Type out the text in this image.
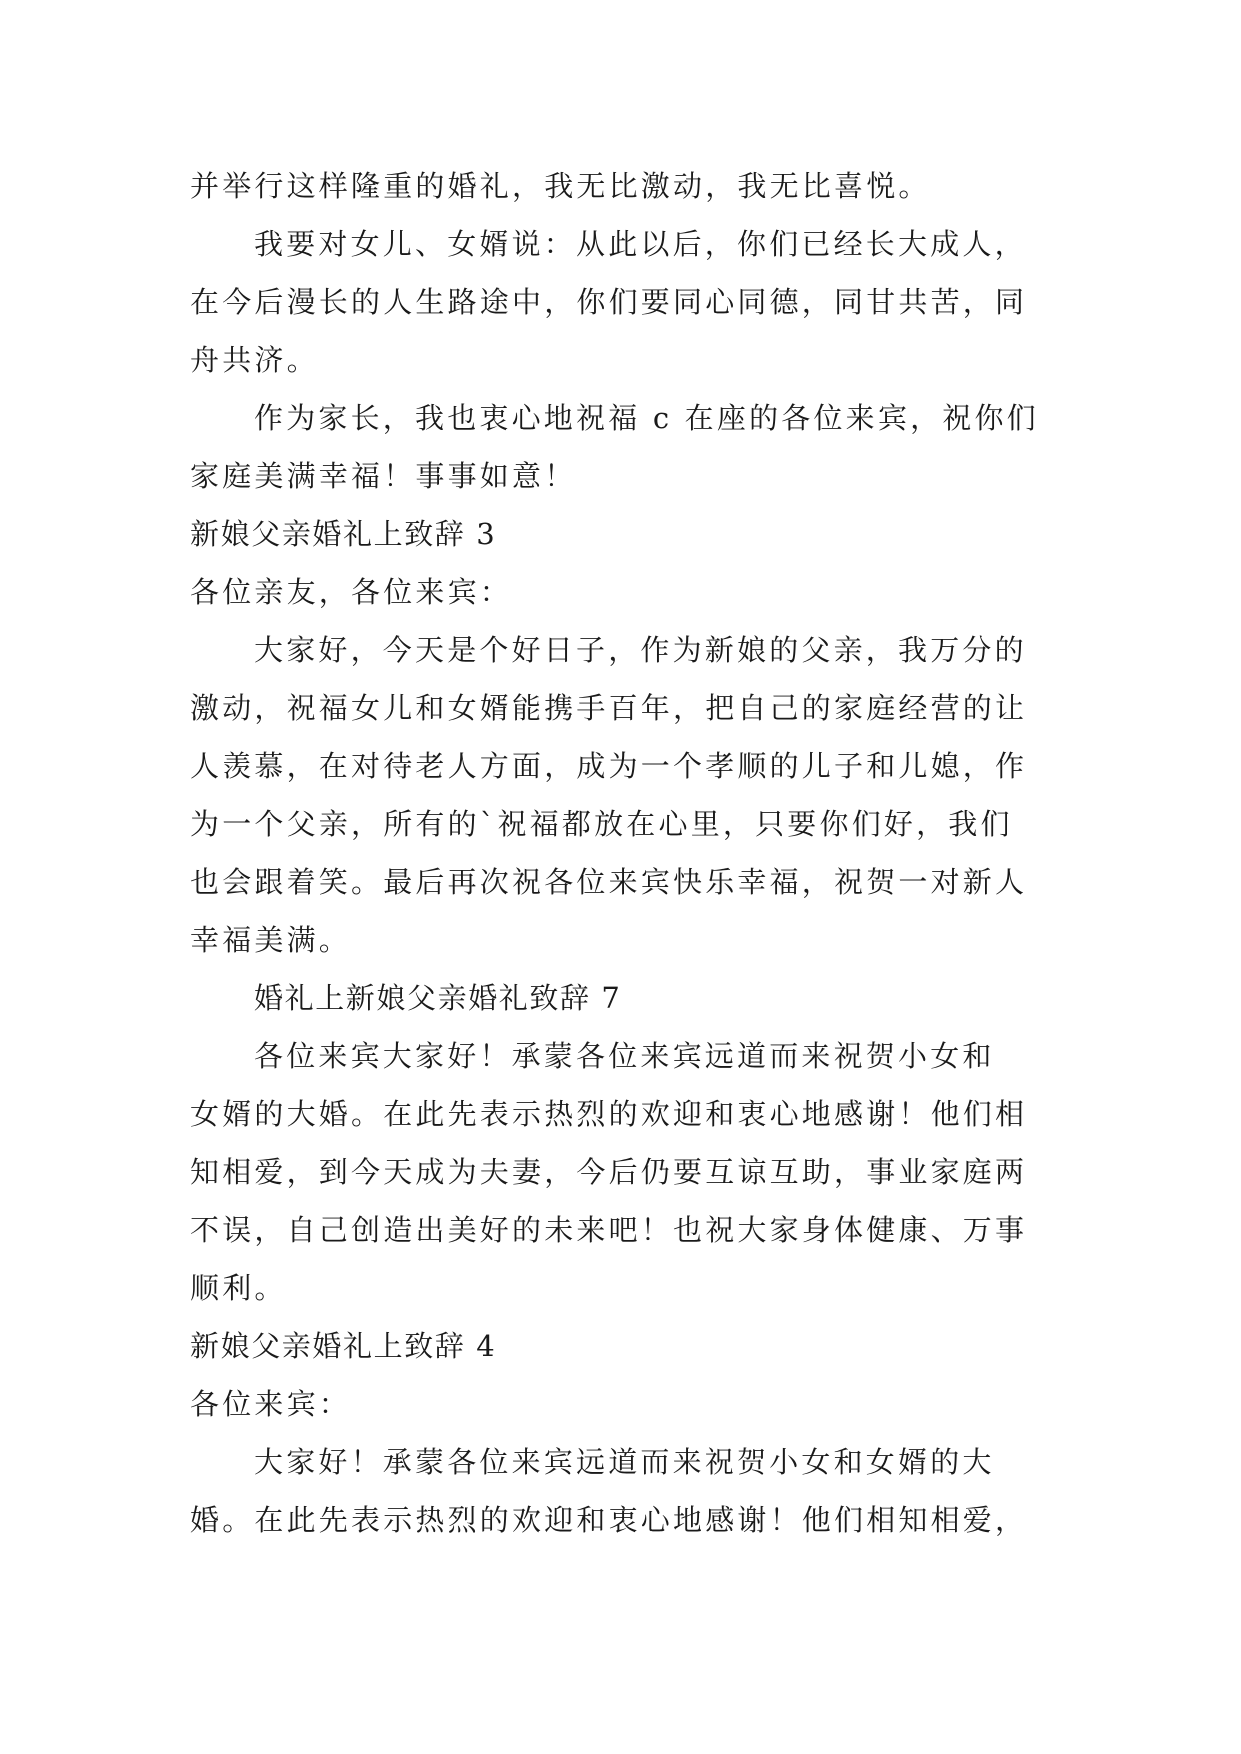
并举行这样隆重的婚礼，我无比激动，我无比喜悦。

我要对女儿、女婿说：从此以后，你们已经长大成人，

在今后漫长的人生路途中，你们要同心同德，同甘共苦，同

舟共济。

作为家长，我也衷心地祝福 c 在座的各位来宾，祝你们

家庭美满幸福！事事如意！

新娘父亲婚礼上致辞 3

各位亲友，各位来宾：

大家好，今天是个好日子，作为新娘的父亲，我万分的

激动，祝福女儿和女婿能携手百年，把自己的家庭经营的让

人羡慕，在对待老人方面，成为一个孝顺的儿子和儿媳，作

为一个父亲，所有的`祝福都放在心里，只要你们好，我们

也会跟着笑。最后再次祝各位来宾快乐幸福，祝贺一对新人

幸福美满。

婚礼上新娘父亲婚礼致辞 7

各位来宾大家好！承蒙各位来宾远道而来祝贺小女和

女婿的大婚。在此先表示热烈的欢迎和衷心地感谢！他们相

知相爱，到今天成为夫妻，今后仍要互谅互助，事业家庭两

不误，自己创造出美好的未来吧！也祝大家身体健康、万事

顺利。

新娘父亲婚礼上致辞 4

各位来宾：

大家好！承蒙各位来宾远道而来祝贺小女和女婿的大

婚。在此先表示热烈的欢迎和衷心地感谢！他们相知相爱，
